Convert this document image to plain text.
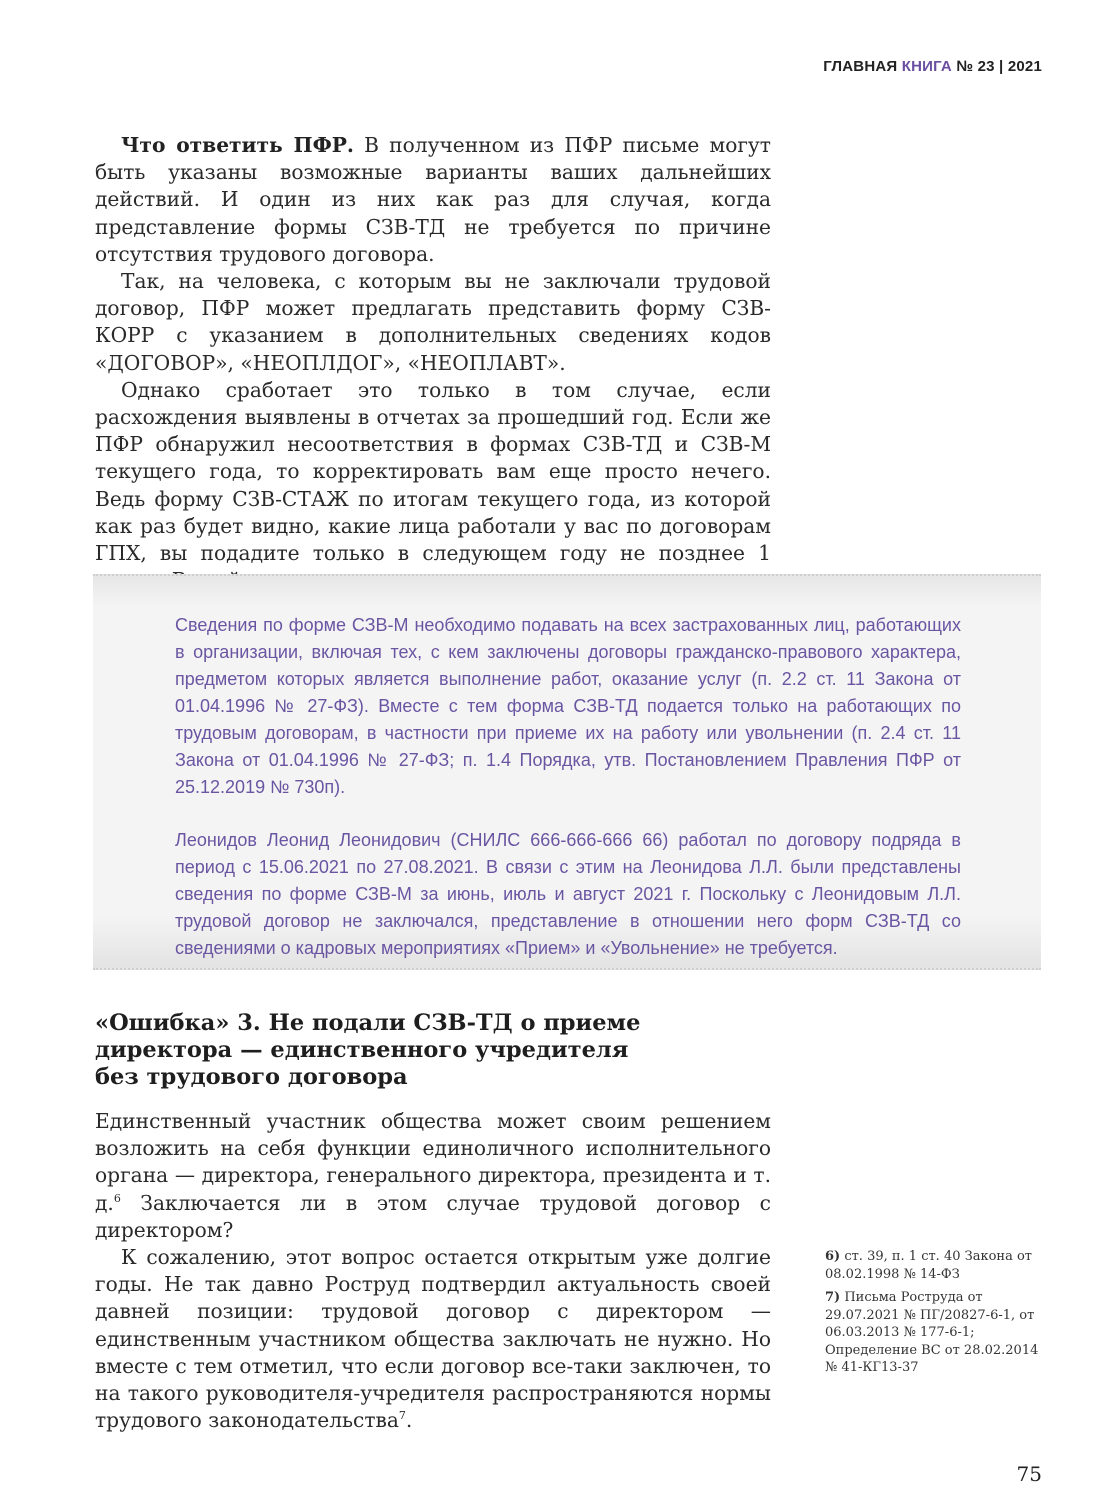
ГЛАВНАЯ КНИГА № 23 | 2021

Что ответить ПФР. В полученном из ПФР письме могут быть указаны возможные варианты ваших дальнейших действий. И один из них как раз для случая, когда представление формы СЗВ-ТД не требуется по причине отсутствия трудового договора.

Так, на человека, с которым вы не заключали трудовой договор, ПФР может предлагать представить форму СЗВ-КОРР с указанием в дополнительных сведениях кодов «ДОГОВОР», «НЕОПЛДОГ», «НЕОПЛАВТ».

Однако сработает это только в том случае, если расхождения выявлены в отчетах за прошедший год. Если же ПФР обнаружил несоответствия в формах СЗВ-ТД и СЗВ-М текущего года, то корректировать вам еще просто нечего. Ведь форму СЗВ-СТАЖ по итогам текущего года, из которой как раз будет видно, какие лица работали у вас по договорам ГПХ, вы подадите только в следующем году не позднее 1

Сведения по форме СЗВ-М необходимо подавать на всех застрахованных лиц, работающих в организации, включая тех, с кем заключены договоры гражданско-правового характера, предметом которых является выполнение работ, оказание услуг (п. 2.2 ст. 11 Закона от 01.04.1996 № 27-ФЗ). Вместе с тем форма СЗВ-ТД подается только на работающих по трудовым договорам, в частности при приеме их на работу или увольнении (п. 2.4 ст. 11 Закона от 01.04.1996 № 27-ФЗ; п. 1.4 Порядка, утв. Постановлением Правления ПФР от 25.12.2019 № 730п).

Леонидов Леонид Леонидович (СНИЛС 666-666-666 66) работал по договору подряда в период с 15.06.2021 по 27.08.2021. В связи с этим на Леонидова Л.Л. были представлены сведения по форме СЗВ-М за июнь, июль и август 2021 г. Поскольку с Леонидовым Л.Л. трудовой договор не заключался, представление в отношении него форм СЗВ-ТД со сведениями о кадровых мероприятиях «Прием» и «Увольнение» не требуется.

«Ошибка» 3. Не подали СЗВ-ТД о приеме
директора — единственного учредителя
без трудового договора

Единственный участник общества может своим решением возложить на себя функции единоличного исполнительного органа — директора, генерального директора, президента и т. д.$^6$ Заключается ли в этом случае трудовой договор с директором?

К сожалению, этот вопрос остается открытым уже долгие годы. Не так давно Роструд подтвердил актуальность своей давней позиции: трудовой договор с директором — единственным участником общества заключать не нужно. Но вместе с тем отметил, что если договор все-таки заключен, то на такого руководителя-учредителя распространяются нормы трудового законодательства$^7$.

6) ст. 39, п. 1 ст. 40 Закона от 08.02.1998 № 14-ФЗ

7) Письма Роструда от 29.07.2021 № ПГ/20827-6-1, от 06.03.2013 № 177-6-1; Определение ВС от 28.02.2014 № 41-КГ13-37

75
